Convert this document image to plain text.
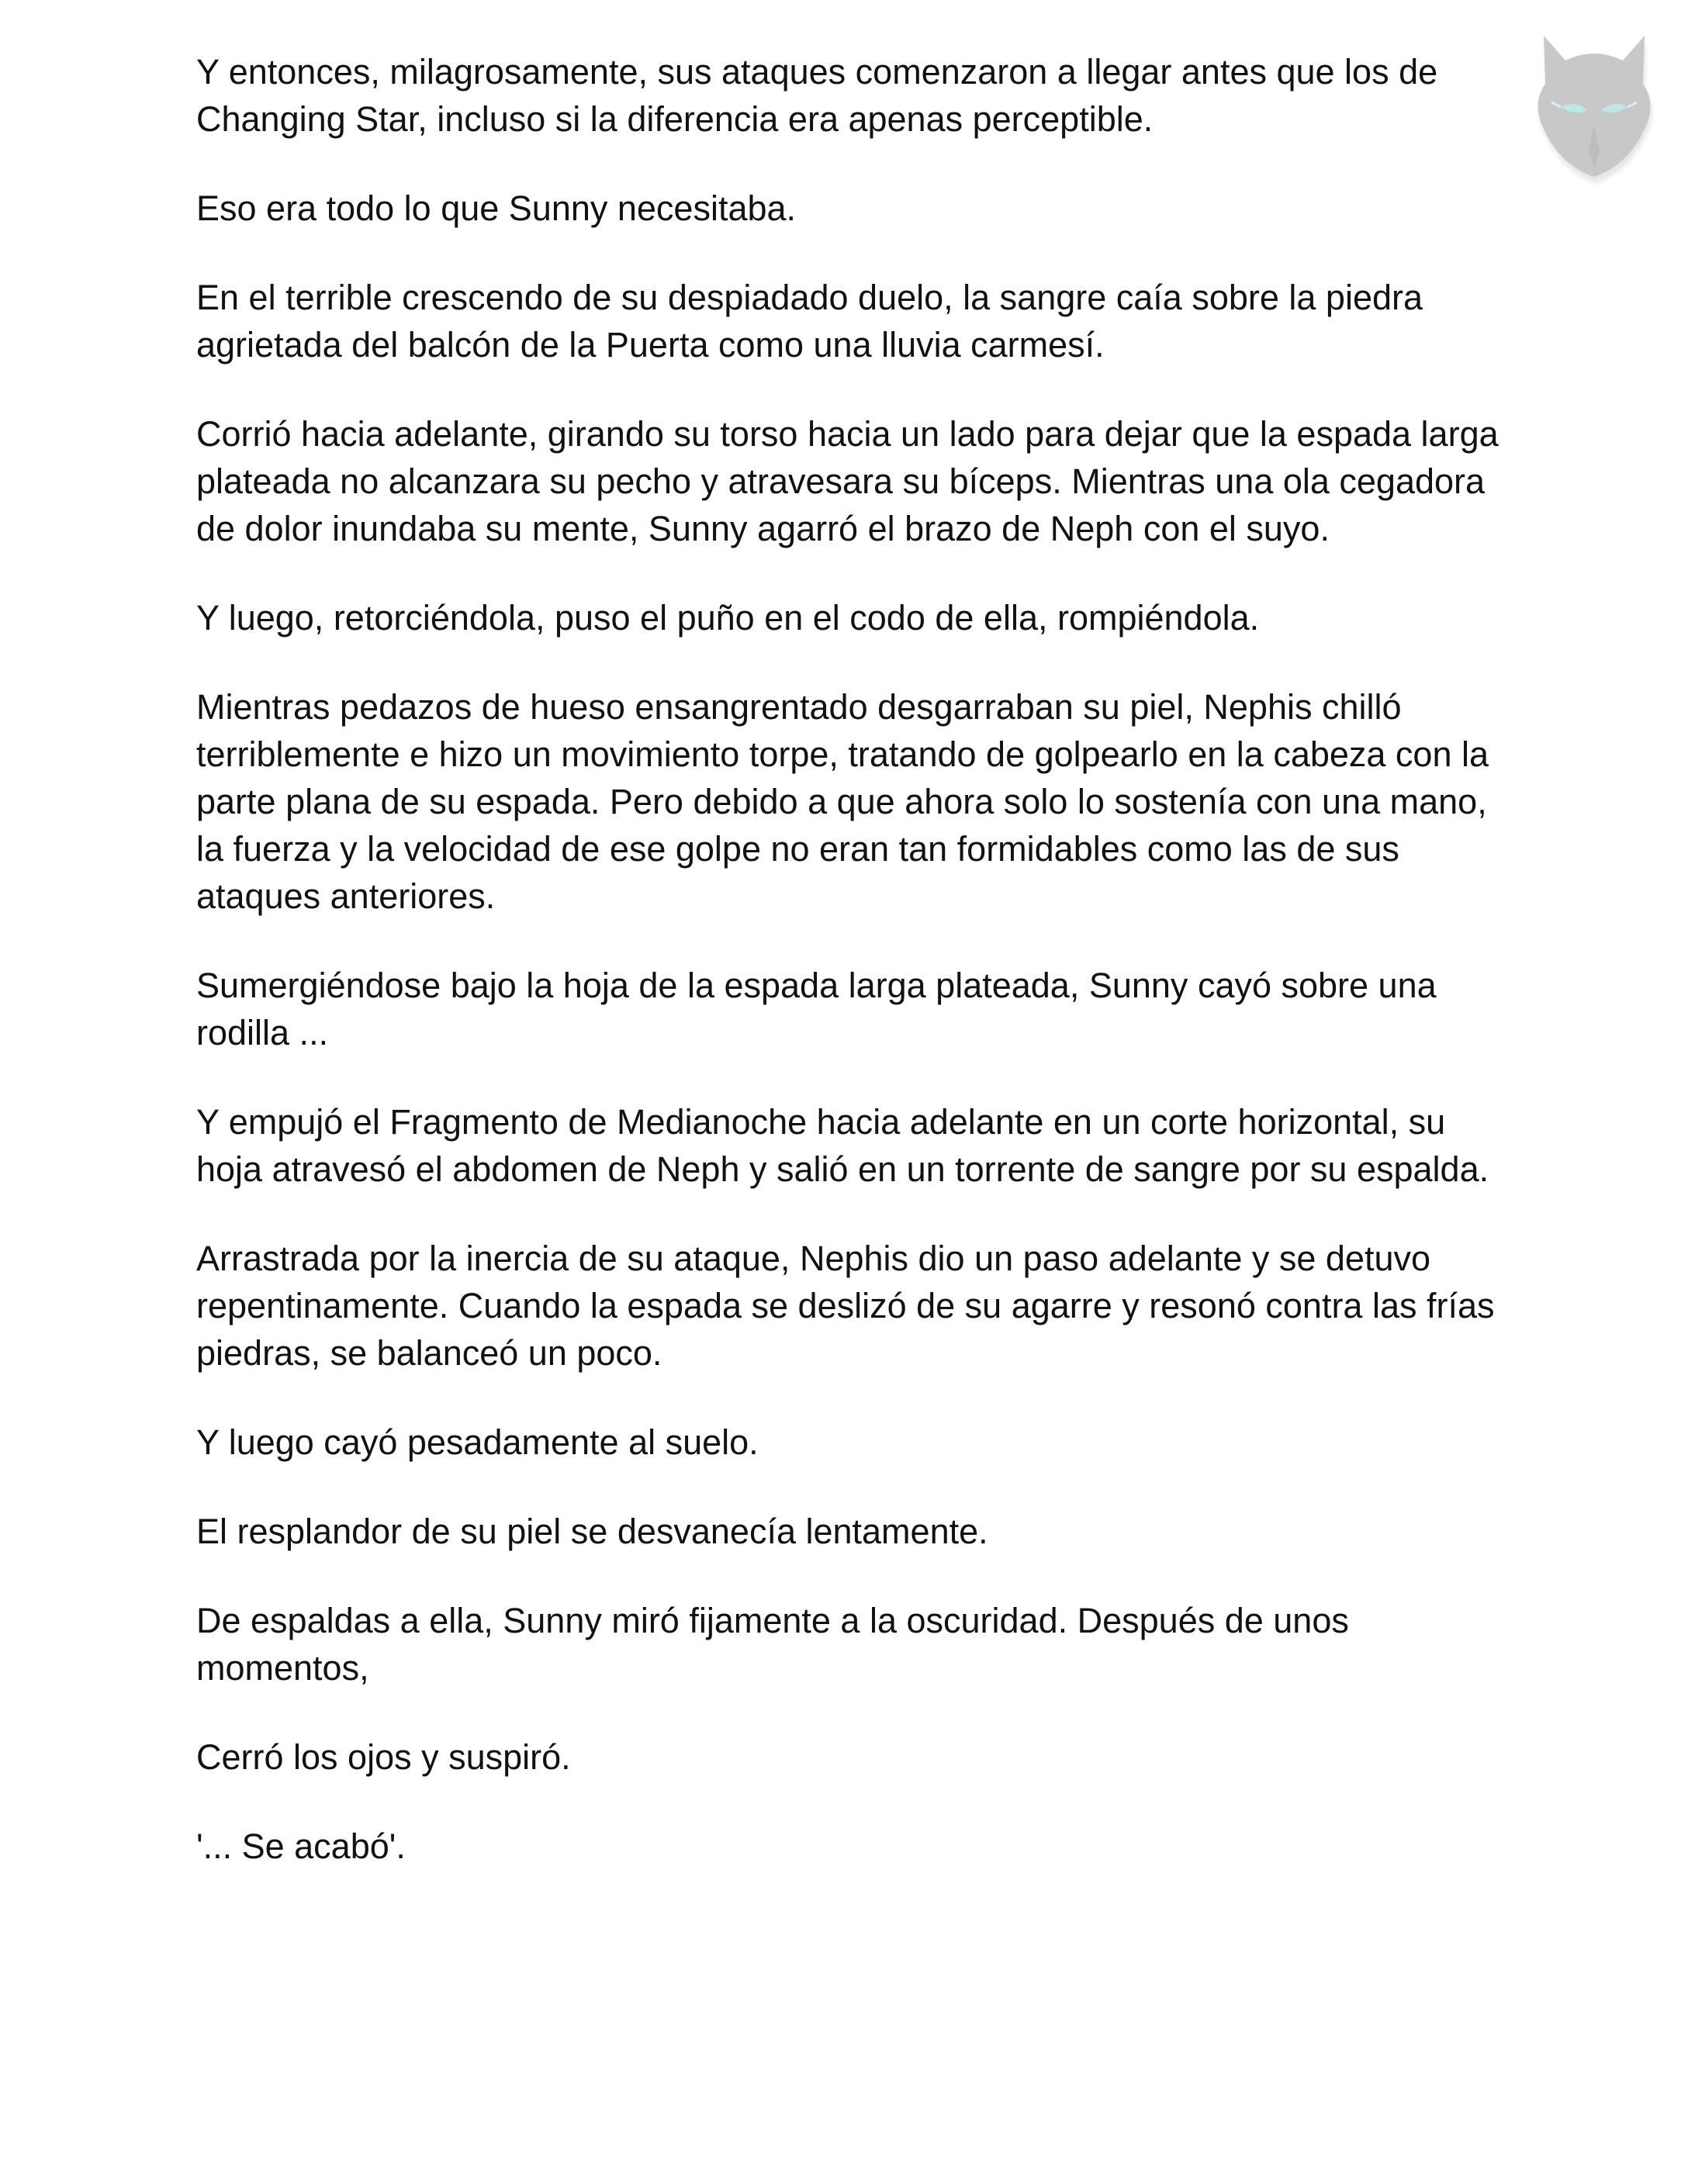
Y entonces, milagrosamente, sus ataques comenzaron a llegar antes que los de Changing Star, incluso si la diferencia era apenas perceptible.

Eso era todo lo que Sunny necesitaba.

En el terrible crescendo de su despiadado duelo, la sangre caía sobre la piedra agrietada del balcón de la Puerta como una lluvia carmesí.

Corrió hacia adelante, girando su torso hacia un lado para dejar que la espada larga plateada no alcanzara su pecho y atravesara su bíceps. Mientras una ola cegadora de dolor inundaba su mente, Sunny agarró el brazo de Neph con el suyo.

Y luego, retorciéndola, puso el puño en el codo de ella, rompiéndola.

Mientras pedazos de hueso ensangrentado desgarraban su piel, Nephis chilló terriblemente e hizo un movimiento torpe, tratando de golpearlo en la cabeza con la parte plana de su espada. Pero debido a que ahora solo lo sostenía con una mano, la fuerza y la velocidad de ese golpe no eran tan formidables como las de sus ataques anteriores.

Sumergiéndose bajo la hoja de la espada larga plateada, Sunny cayó sobre una rodilla ...

Y empujó el Fragmento de Medianoche hacia adelante en un corte horizontal, su hoja atravesó el abdomen de Neph y salió en un torrente de sangre por su espalda.

Arrastrada por la inercia de su ataque, Nephis dio un paso adelante y se detuvo repentinamente. Cuando la espada se deslizó de su agarre y resonó contra las frías piedras, se balanceó un poco.

Y luego cayó pesadamente al suelo.

El resplandor de su piel se desvanecía lentamente.

De espaldas a ella, Sunny miró fijamente a la oscuridad. Después de unos momentos,

Cerró los ojos y suspiró.

'... Se acabó'.
